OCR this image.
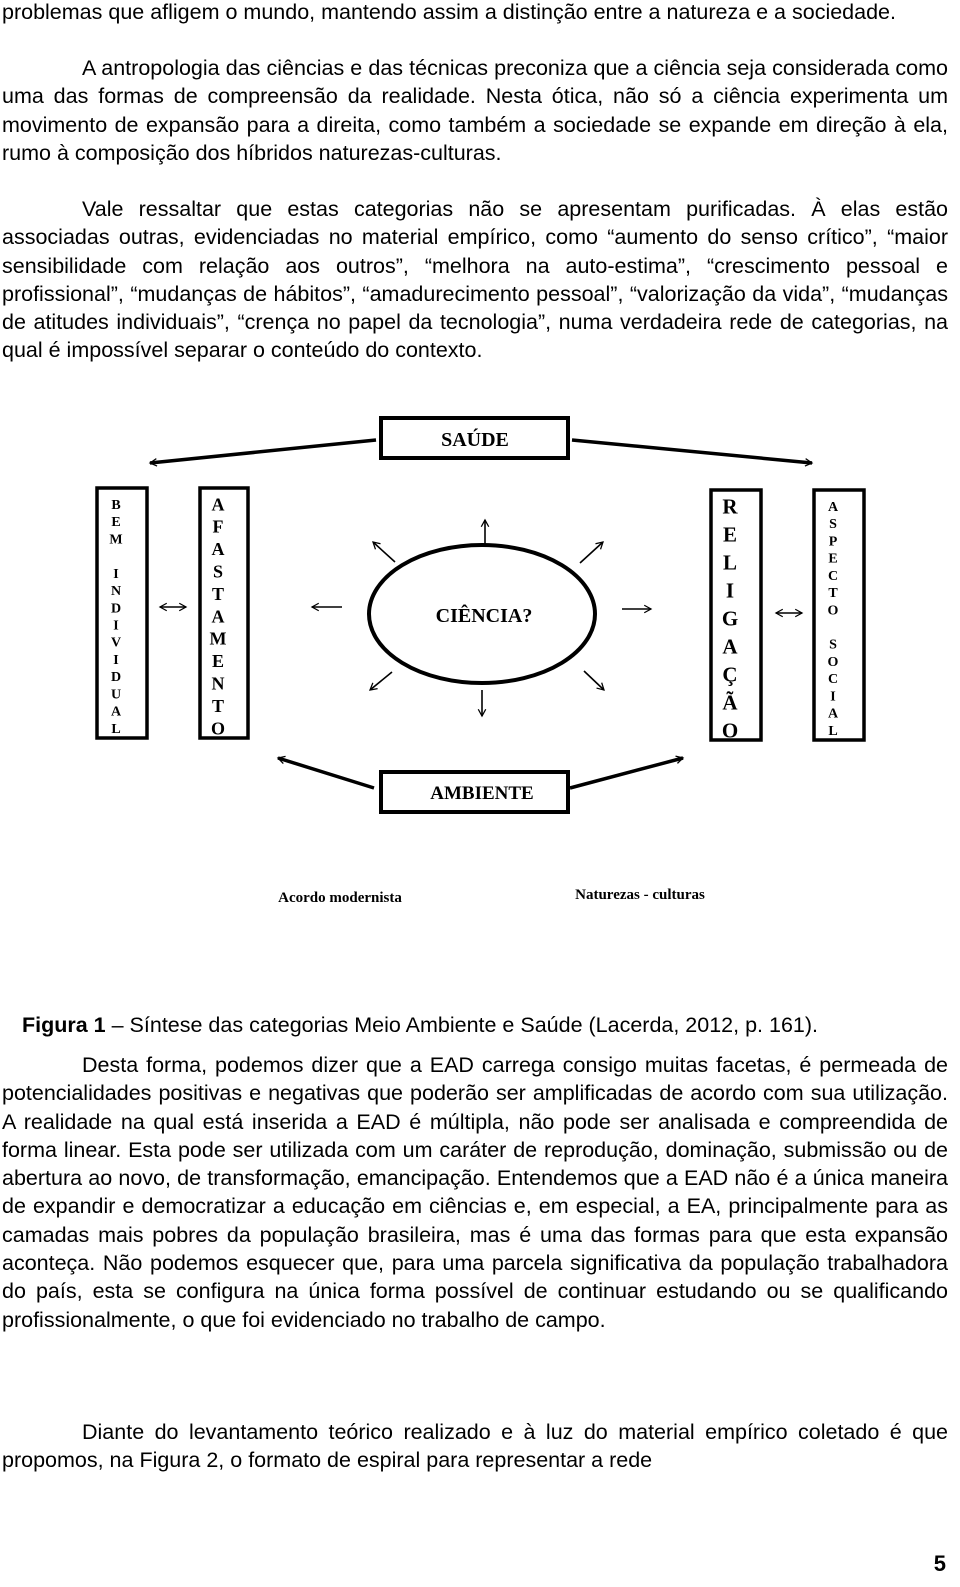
problemas que afligem o mundo, mantendo assim a distinção entre a natureza e a sociedade.

A antropologia das ciências e das técnicas preconiza que a ciência seja considerada como uma das formas de compreensão da realidade. Nesta ótica, não só a ciência experimenta um movimento de expansão para a direita, como também a sociedade se expande em direção à ela, rumo à composição dos híbridos naturezas-culturas.

Vale ressaltar que estas categorias não se apresentam purificadas. À elas estão associadas outras, evidenciadas no material empírico, como “aumento do senso crítico”, “maior sensibilidade com relação aos outros”, “melhora na auto-estima”, “crescimento pessoal e profissional”, “mudanças de hábitos”, “amadurecimento pessoal”, “valorização da vida”, “mudanças de atitudes individuais”, “crença no papel da tecnologia”, numa verdadeira rede de categorias, na qual é impossível separar o conteúdo do contexto.

SAÚDE
AMBIENTE
B
E
M
I
N
D
I
V
I
D
U
A
L
A
F
A
S
T
A
M
E
N
T
O
R
E
L
I
G
A
Ç
Ã
O
A
S
P
E
C
T
O
S
O
C
I
A
L
CIÊNCIA?
Acordo modernista	Naturezas - culturas
Figura 1 – Síntese das categorias Meio Ambiente e Saúde (Lacerda, 2012, p. 161).

Desta forma, podemos dizer que a EAD carrega consigo muitas facetas, é permeada de potencialidades positivas e negativas que poderão ser amplificadas de acordo com sua utilização. A realidade na qual está inserida a EAD é múltipla, não pode ser analisada e compreendida de forma linear. Esta pode ser utilizada com um caráter de reprodução, dominação, submissão ou de abertura ao novo, de transformação, emancipação. Entendemos que a EAD não é a única maneira de expandir e democratizar a educação em ciências e, em especial, a EA, principalmente para as camadas mais pobres da população brasileira, mas é uma das formas para que esta expansão aconteça. Não podemos esquecer que, para uma parcela significativa da população trabalhadora do país, esta se configura na única forma possível de continuar estudando ou se qualificando profissionalmente, o que foi evidenciado no trabalho de campo.

Diante do levantamento teórico realizado e à luz do material empírico coletado é que propomos, na Figura 2, o formato de espiral para representar a rede

5
